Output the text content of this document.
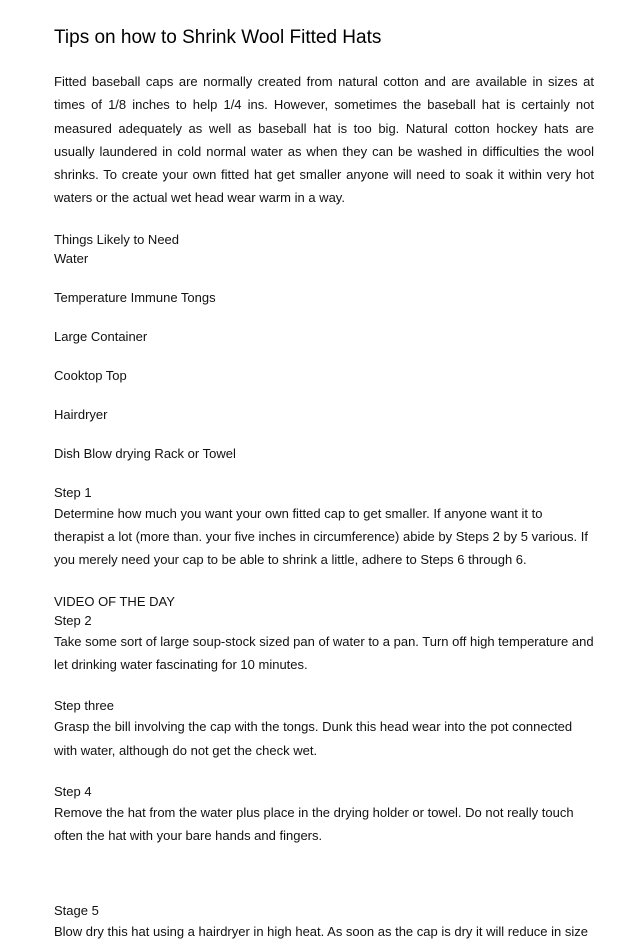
Tips on how to Shrink Wool Fitted Hats

Fitted baseball caps are normally created from natural cotton and are available in sizes at times of 1/8 inches to help 1/4 ins. However, sometimes the baseball hat is certainly not measured adequately as well as baseball hat is too big. Natural cotton hockey hats are usually laundered in cold normal water as when they can be washed in difficulties the wool shrinks. To create your own fitted hat get smaller anyone will need to soak it within very hot waters or the actual wet head wear warm in a way.

Things Likely to Need
Water
Temperature Immune Tongs
Large Container
Cooktop Top
Hairdryer
Dish Blow drying Rack or Towel
Step 1

Determine how much you want your own fitted cap to get smaller. If anyone want it to therapist a lot (more than. your five inches in circumference) abide by Steps 2 by 5 various. If you merely need your cap to be able to shrink a little, adhere to Steps 6 through 6.

VIDEO OF THE DAY
Step 2

Take some sort of large soup-stock sized pan of water to a pan. Turn off high temperature and let drinking water fascinating for 10 minutes.

Step three

Grasp the bill involving the cap with the tongs. Dunk this head wear into the pot connected with water, although do not get the check wet.

Step 4

Remove the hat from the water plus place in the drying holder or towel. Do not really touch often the hat with your bare hands and fingers.

Stage 5

Blow dry this hat using a hairdryer in high heat. As soon as the cap is dry it will reduce in size
